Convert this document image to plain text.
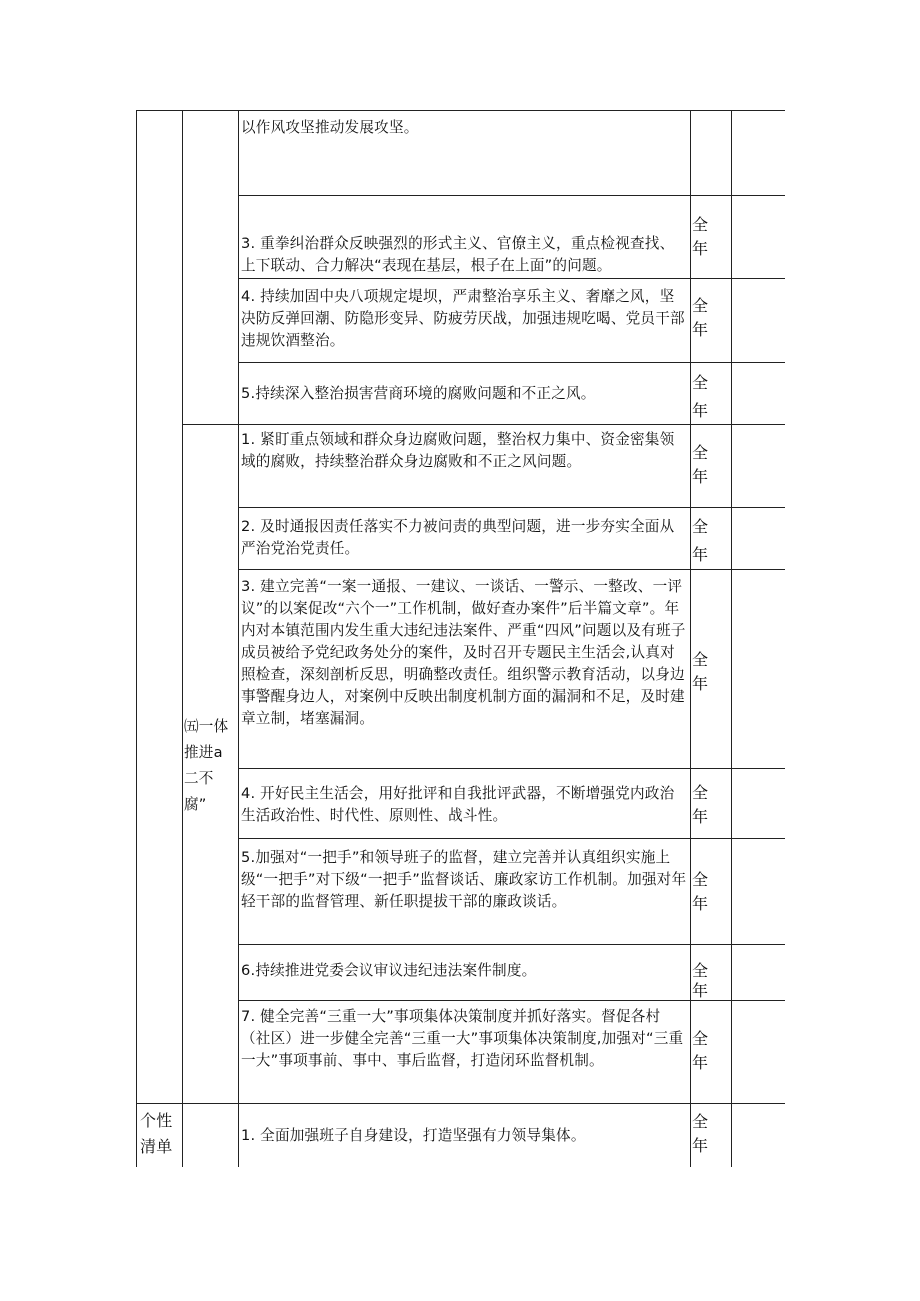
㈤一体推进a二不腐”
个性清单
以作风攻坚推动发展攻坚。
3. 重拳纠治群众反映强烈的形式主义、官僚主义，重点检视查找、上下联动、合力解决“表现在基层，根子在上面”的问题。
全年
4. 持续加固中央八项规定堤坝，严肃整治享乐主义、奢靡之风，坚决防反弹回潮、防隐形变异、防疲劳厌战，加强违规吃喝、党员干部违规饮酒整治。
全年
5.持续深入整治损害营商环境的腐败问题和不正之风。
全年
1. 紧盯重点领域和群众身边腐败问题，整治权力集中、资金密集领域的腐败，持续整治群众身边腐败和不正之风问题。	全年
2. 及时通报因责任落实不力被问责的典型问题，进一步夯实全面从严治党治党责任。
全年
3. 建立完善“一案一通报、一建议、一谈话、一警示、一整改、一评议”的以案促改“六个一”工作机制，做好查办案件”后半篇文章”。年内对本镇范围内发生重大违纪违法案件、严重“四风”问题以及有班子成员被给予党纪政务处分的案件，及时召开专题民主生活会,认真对照检查，深刻剖析反思，明确整改责任。组织警示教育活动，以身边事警醒身边人，对案例中反映出制度机制方面的漏洞和不足，及时建章立制，堵塞漏洞。
全年
4. 开好民主生活会，用好批评和自我批评武器，不断增强党内政治生活政治性、时代性、原则性、战斗性。
全年
5.加强对“一把手”和领导班子的监督，建立完善并认真组织实施上级“一把手”对下级“一把手”监督谈话、廉政家访工作机制。加强对年轻干部的监督管理、新任职提拔干部的廉政谈话。
全年
6.持续推进党委会议审议违纪违法案件制度。	全年
7. 健全完善“三重一大”事项集体决策制度并抓好落实。督促各村（社区）进一步健全完善“三重一大”事项集体决策制度,加强对“三重一大”事项事前、事中、事后监督，打造闭环监督机制。
全年
1. 全面加强班子自身建设，打造坚强有力领导集体。
全年
